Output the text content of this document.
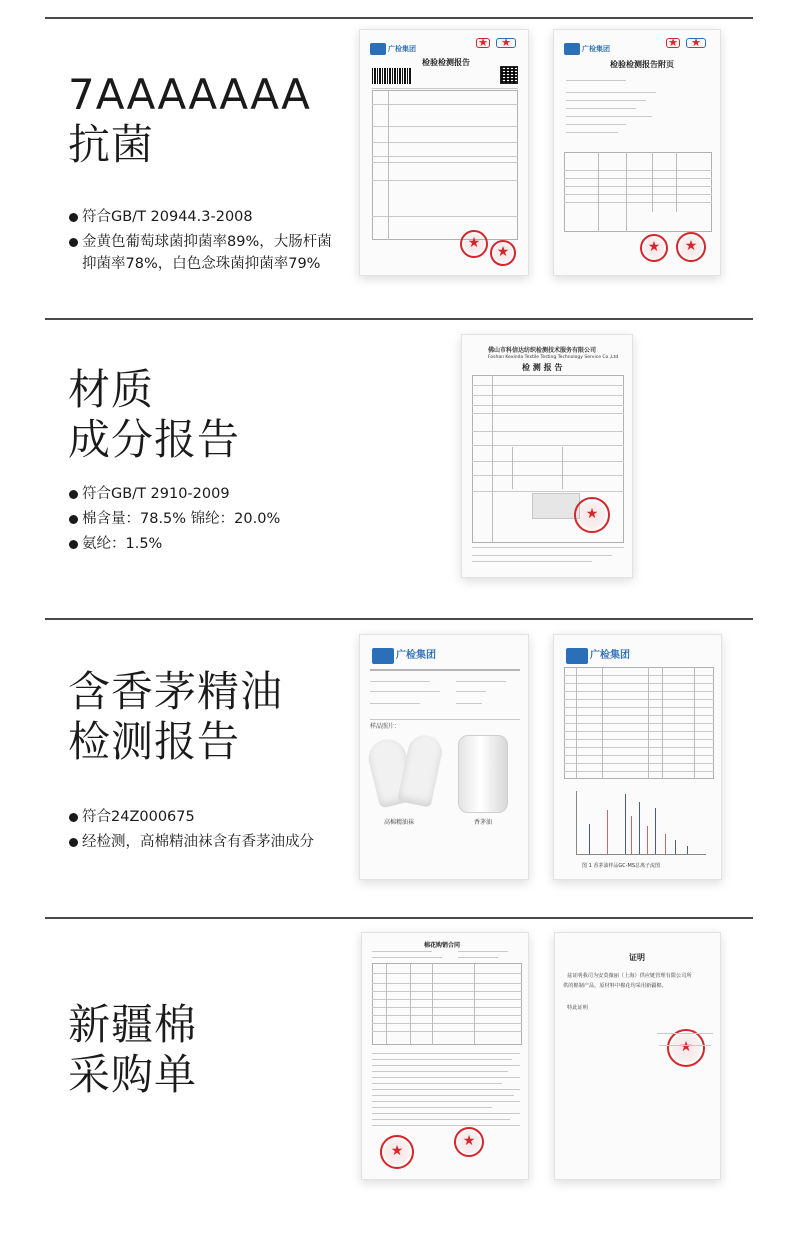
7AAAAAAA
抗菌
符合GB/T 20944.3-2008
金黄色葡萄球菌抑菌率89%，大肠杆菌
抑菌率78%，白色念珠菌抑菌率79%
广检集团
★
★
检验检测报告
★
★
广检集团
★
★
检验检测报告附页
★
★
材质
成分报告
符合GB/T 2910-2009
棉含量：78.5% 锦纶：20.0%
氨纶：1.5%
佛山市科信达纺织检测技术服务有限公司
Foshan Kexinda Textile Testing Technology Service Co.,Ltd
检 测 报 告
★
含香茅精油
检测报告
符合24Z000675
经检测，高棉精油袜含有香茅油成分
广检集团
样品照片：
高棉精油袜	香茅油
广检集团
图 1 香茅油样品GC-MS总离子流图
新疆棉
采购单
棉花购销合同
★
★
证明
兹证明我司为安莫薇丽（上海）供应链管理有限公司所
供的棉制产品，原材料中棉花均采用新疆棉。
特此证明
★
